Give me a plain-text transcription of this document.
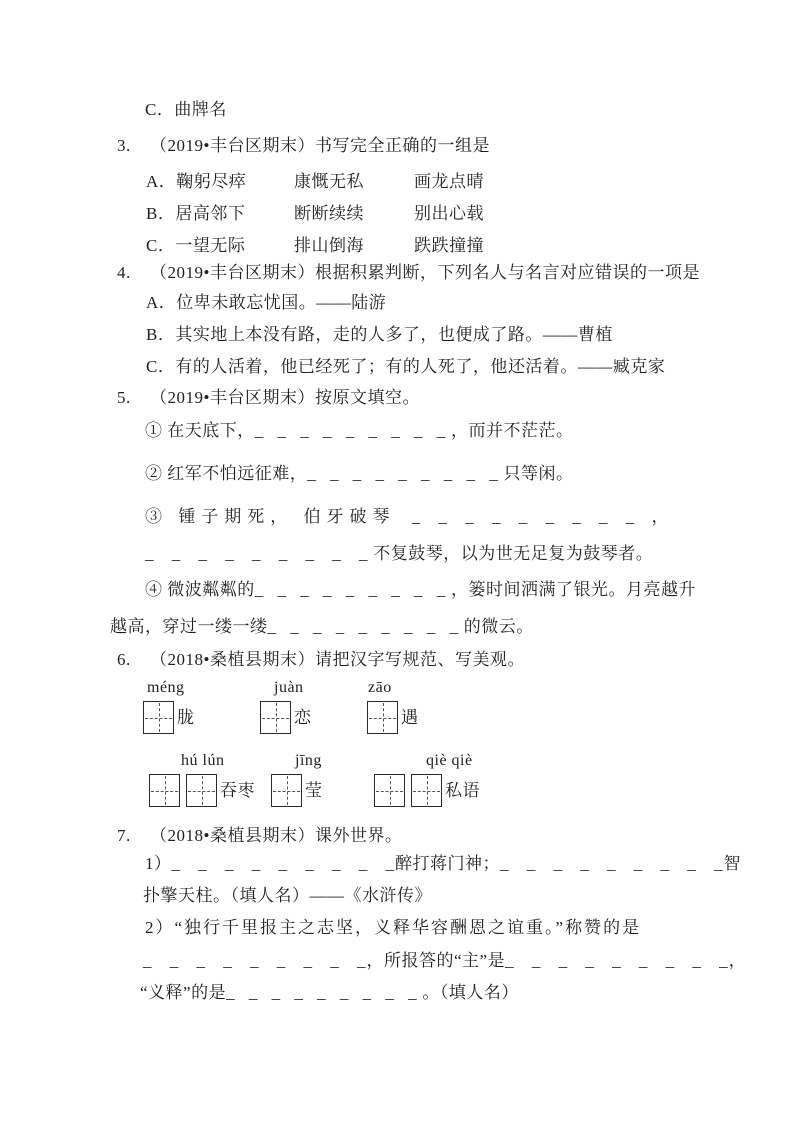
C．曲牌名
3. （2019•丰台区期末）书写完全正确的一组是
A．鞠躬尽瘁	康慨无私	画龙点晴
B．居高邻下	断断续续	别出心载
C．一望无际	排山倒海	跌跌撞撞
4. （2019•丰台区期末）根据积累判断，下列名人与名言对应错误的一项是
A．位卑未敢忘忧国。——陆游
B．其实地上本没有路，走的人多了，也便成了路。——曹植
C．有的人活着，他已经死了；有的人死了，他还活着。——臧克家
5. （2019•丰台区期末）按原文填空。
① 在天底下，_ _ _ _ _ _ _ _ _ ，而并不茫茫。
② 红军不怕远征难，_ _ _ _ _ _ _ _ _ 只等闲。
③ 锺子期死， 伯牙破琴 _ _ _ _ _ _ _ _ _ ，
_ _ _ _ _ _ _ _ _ 不复鼓琴，以为世无足复为鼓琴者。
④ 微波粼粼的_ _ _ _ _ _ _ _ _ ，篓时间洒满了银光。月亮越升
越高，穿过一缕一缕_ _ _ _ _ _ _ _ _ 的微云。
6. （2018•桑植县期末）请把汉字写规范、写美观。
méng	juàn	zāo
胧	恋	遇
hú lún	jīng	qiè qiè
吞枣	莹	私语
7. （2018•桑植县期末）课外世界。
1） _ _ _ _ _ _ _ _ _ 醉打蒋门神； _ _ _ _ _ _ _ _ _ 智
扑擎天柱。（填人名）——《水浒传》
2）“独行千里报主之志坚，义释华容酬恩之谊重。”称赞的是
_ _ _ _ _ _ _ _ _ ，所报答的“主”是 _ _ _ _ _ _ _ _ _ ，
“义释”的是_ _ _ _ _ _ _ _ _ 。（填人名）
